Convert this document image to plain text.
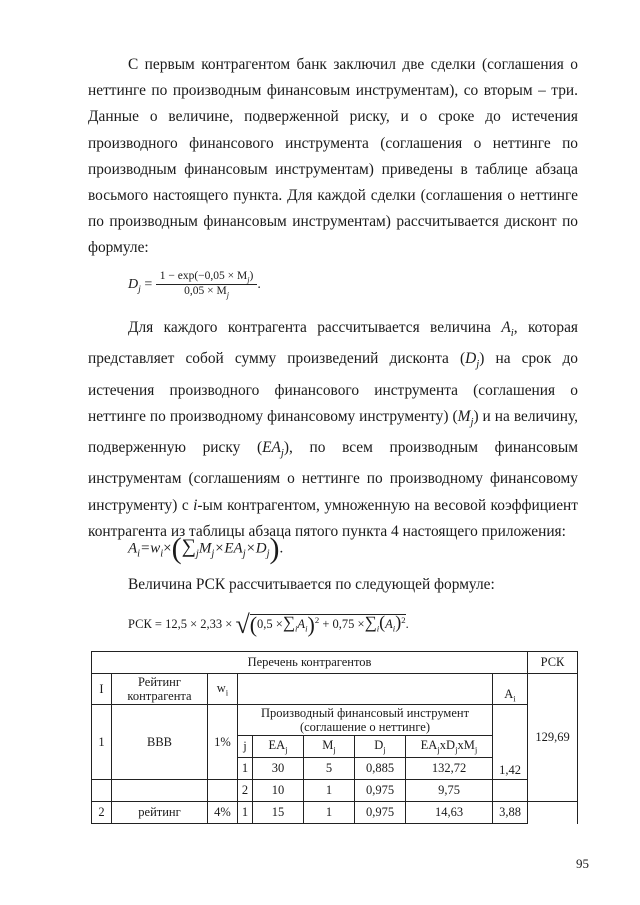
С первым контрагентом банк заключил две сделки (соглашения о неттинге по производным финансовым инструментам), со вторым – три. Данные о величине, подверженной риску, и о сроке до истечения производного финансового инструмента (соглашения о неттинге по производным финансовым инструментам) приведены в таблице абзаца восьмого настоящего пункта. Для каждой сделки (соглашения о неттинге по производным финансовым инструментам) рассчитывается дисконт по формуле:

$D_j = \frac{1 - \exp(-0,05 \times M_j)}{0,05 \times M_j}$ .

Для каждого контрагента рассчитывается величина $A_i$, которая представляет собой сумму произведений дисконта $(D_j)$ на срок до истечения производного финансового инструмента (соглашения о неттинге по производному финансовому инструменту) $(M_j)$ и на величину, подверженную риску $(EA_j)$, по всем производным финансовым инструментам (соглашениям о неттинге по производному финансовому инструменту) с i-ым контрагентом, умноженную на весовой коэффициент контрагента из таблицы абзаца пятого пункта 4 настоящего приложения:

$A_i=w_i\times(\sum_jM_j\times EA_j\times D_j)$.

Величина РСК рассчитывается по следующей формуле:

РСК = $12,5 \times 2,33 \times √(0,5 \times\sum_iA_i)^2 + 0,75 \times\sum_i(A_i)^2$.
Перечень контрагентов									РСК
I	Рейтинг контрагента	$w_i$						$A_i$	129,69
1	BBB	1%	Производный финансовый инструмент (соглашение о неттинге)					1,42	
			j	$EA_j$	$M_j$	$D_j$	$EA_jxD_jxM_j$
			1	30	5	0,885	132,72		
			2	10	1	0,975	9,75		
2	рейтинг	4%	1	15	1	0,975	14,63	3,88	
95
